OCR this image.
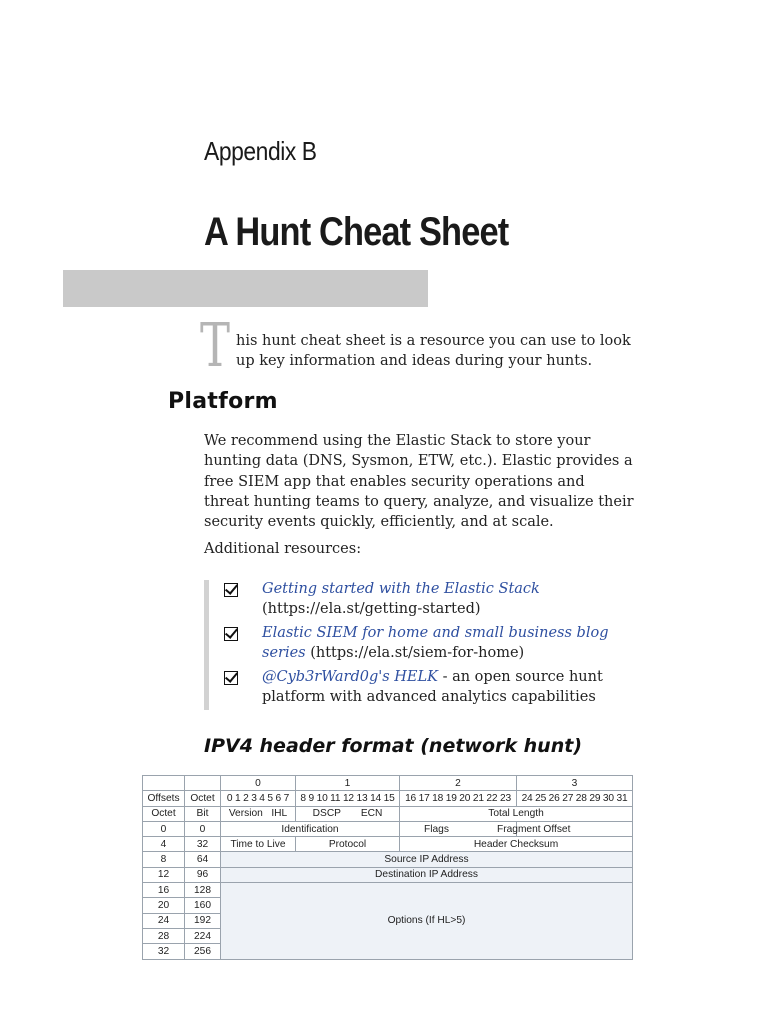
Appendix B
A Hunt Cheat Sheet
T his hunt cheat sheet is a resource you can use to look up key information and ideas during your hunts.
Platform
We recommend using the Elastic Stack to store your hunting data (DNS, Sysmon, ETW, etc.). Elastic provides a free SIEM app that enables security operations and threat hunting teams to query, analyze, and visualize their security events quickly, efficiently, and at scale.
Additional resources:
Getting started with the Elastic Stack (https://ela.st/getting-started)
Elastic SIEM for home and small business blog series (https://ela.st/siem-for-home)
@Cyb3rWard0g's HELK - an open source hunt platform with advanced analytics capabilities
IPV4 header format (network hunt)
		0	1	2	3
Offsets	Octet	0 1 2 3 4 5 6 7	8 9 10 11 12 13 14 15	16 17 18 19 20 21 22 23	24 25 26 27 28 29 30 31
Octet	Bit	Version IHL	DSCP ECN	Total Length
0	0	Identification	Flags	Fragment Offset
4	32	Time to Live	Protocol	Header Checksum
8	64	Source IP Address
12	96	Destination IP Address
16	128	Options (If HL>5)
20	160
24	192
28	224
32	256
